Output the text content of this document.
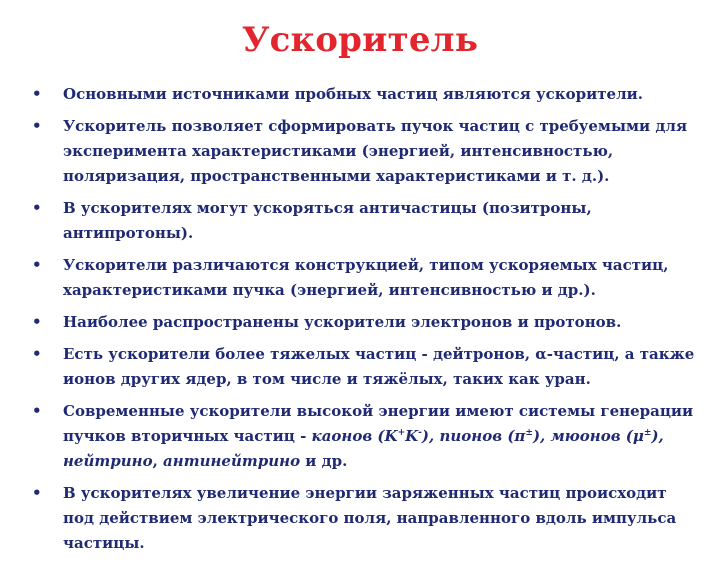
Ускоритель
• Основными источниками пробных частиц являются ускорители.
• Ускоритель позволяет сформировать пучок частиц с требуемыми для эксперимента характеристиками (энергией, интенсивностью, поляризация, пространственными характеристиками и т. д.).
• В ускорителях могут ускоряться античастицы (позитроны, антипротоны).
• Ускорители различаются конструкцией, типом ускоряемых частиц, характеристиками пучка (энергией, интенсивностью и др.).
• Наиболее распространены ускорители электронов и протонов.
• Есть ускорители более тяжелых частиц - дейтронов, α-частиц, а также ионов других ядер, в том числе и тяжёлых, таких как уран.
• Современные ускорители высокой энергии имеют системы генерации пучков вторичных частиц - каонов (K+K-), пионов (π±), мюонов (μ±), нейтрино, антинейтрино и др.
• В ускорителях увеличение энергии заряженных частиц происходит под действием электрического поля, направленного вдоль импульса частицы.
